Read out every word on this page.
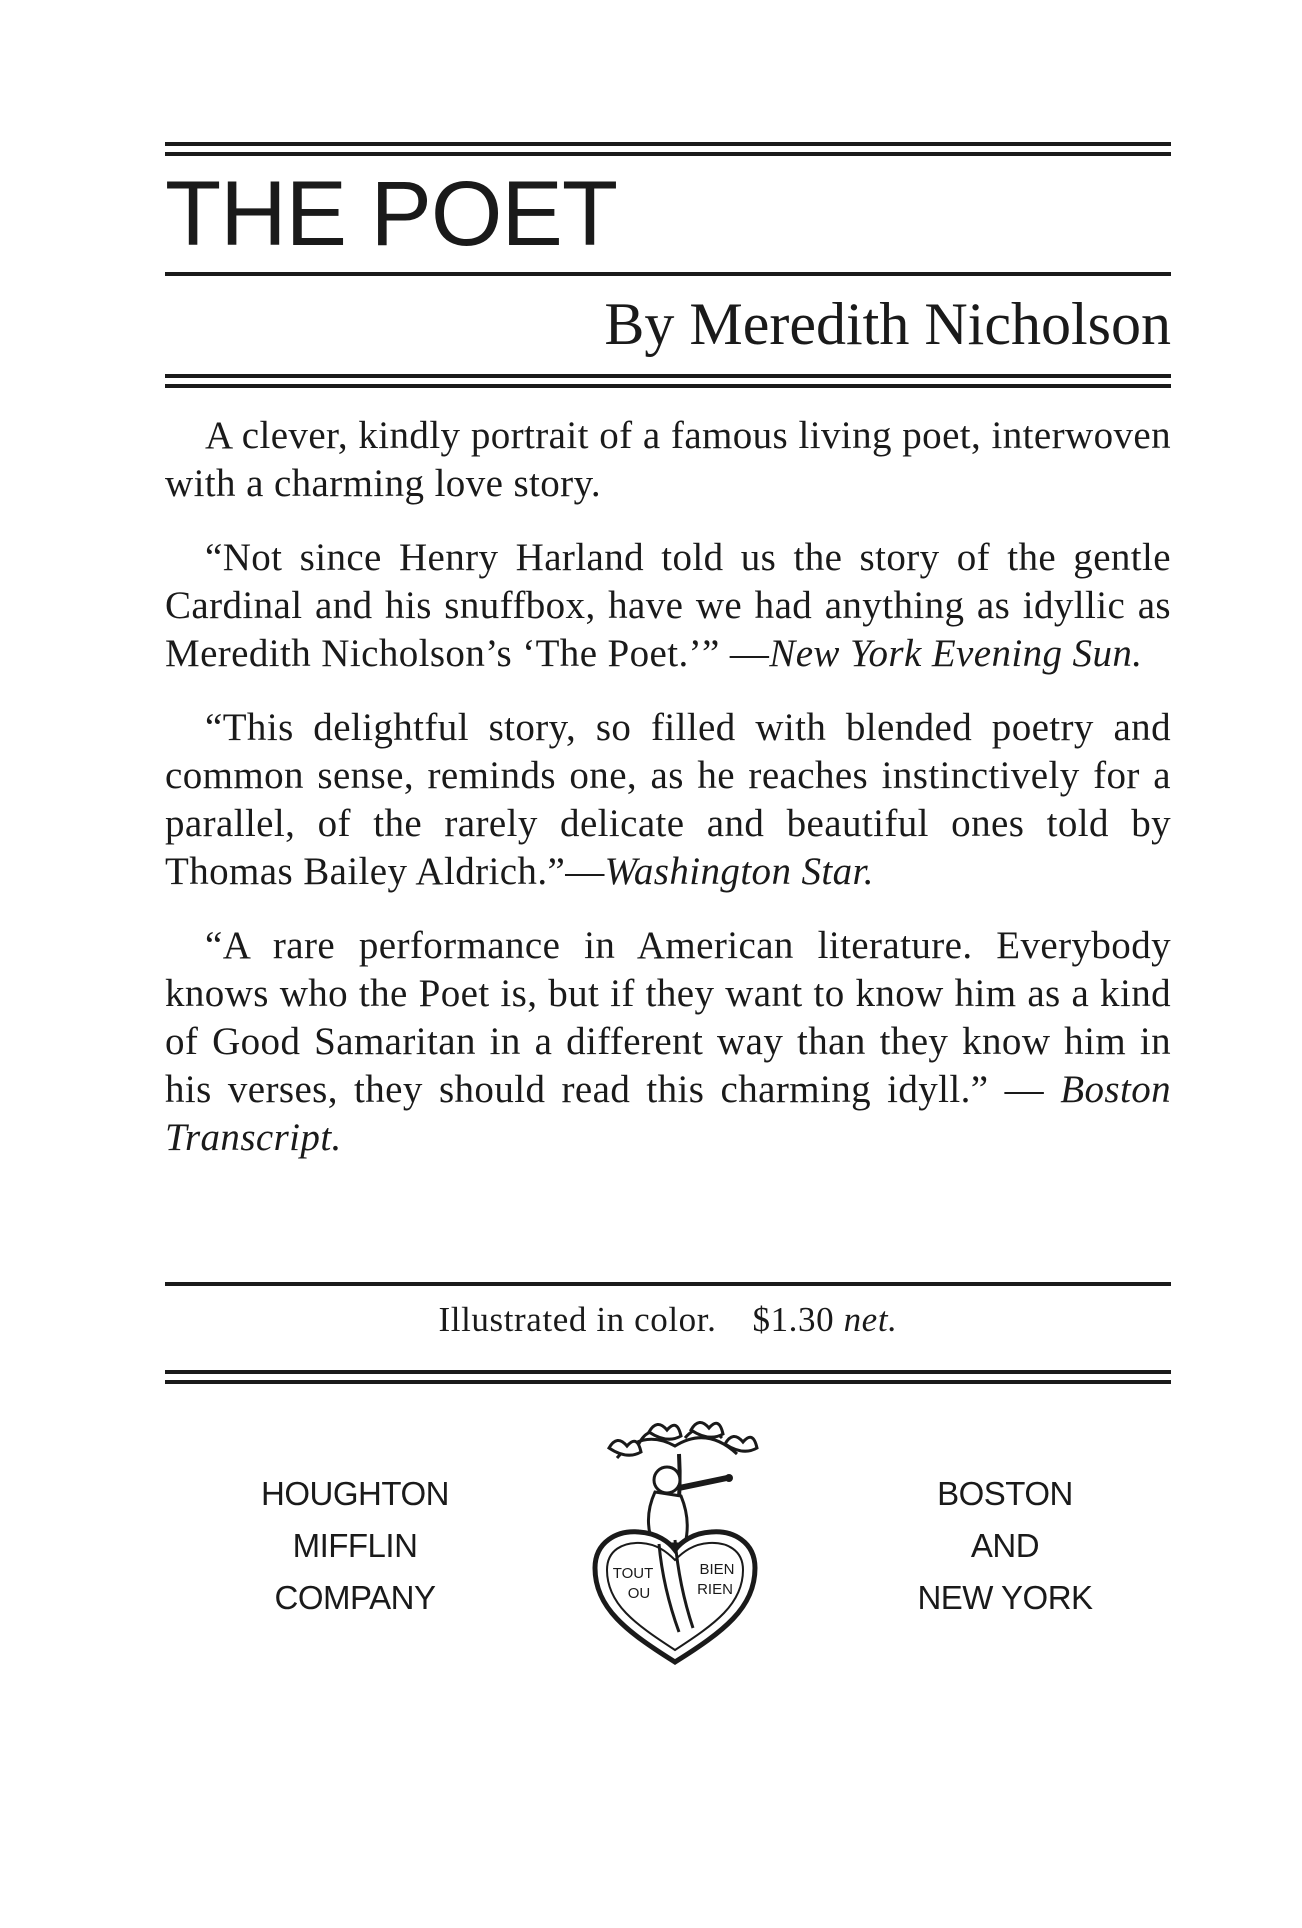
THE POET
By Meredith Nicholson

A clever, kindly portrait of a famous living poet, interwoven with a charming love story.

“Not since Henry Harland told us the story of the gentle Cardinal and his snuffbox, have we had anything as idyllic as Meredith Nicholson’s ‘The Poet.’” —New York Evening Sun.

“This delightful story, so filled with blended poetry and common sense, reminds one, as he reaches instinctively for a parallel, of the rarely delicate and beautiful ones told by Thomas Bailey Aldrich.”—Washington Star.

“A rare performance in American literature. Everybody knows who the Poet is, but if they want to know him as a kind of Good Samaritan in a different way than they know him in his verses, they should read this charming idyll.” — Boston Transcript.

Illustrated in color. $1.30 net.
HOUGHTON
MIFFLIN
COMPANY
TOUT
OU
BIEN
RIEN
BOSTON
AND
NEW YORK
